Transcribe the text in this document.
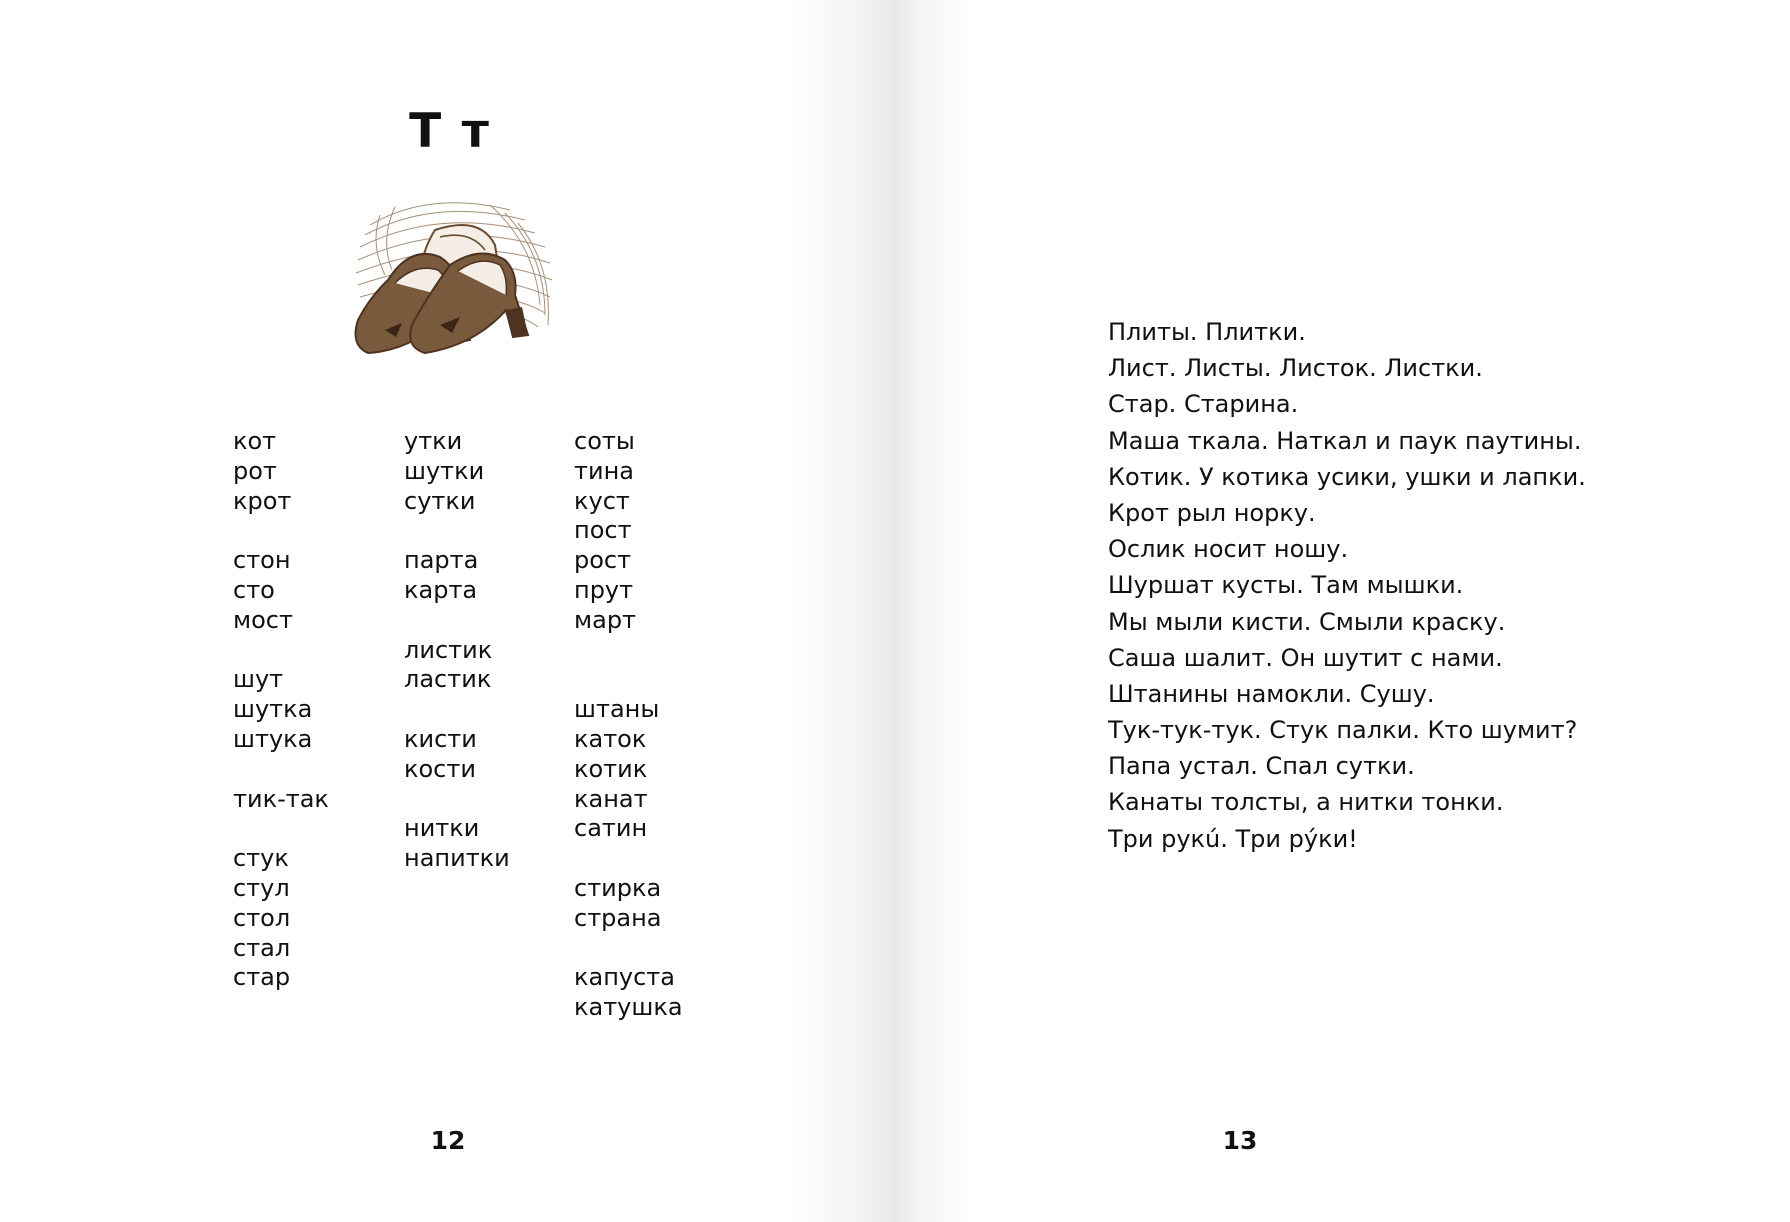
Т т
кот
рот
крот
стон
сто
мост
шут
шутка
штука
тик-так
стук
стул
стол
стал
стар
утки
шутки
сутки
парта
карта
листик
ластик
кисти
кости
нитки
напитки
соты
тина
куст
пост
рост
прут
март
штаны
каток
котик
канат
сатин
стирка
страна
капуста
катушка
12
Плиты. Плитки.
Лист. Листы. Листок. Листки.
Стар. Старина.
Маша ткала. Наткал и паук паутины.
Котик. У котика усики, ушки и лапки.
Крот рыл норку.
Ослик носит ношу.
Шуршат кусты. Там мышки.
Мы мыли кисти. Смыли краску.
Саша шалит. Он шутит с нами.
Штанины намокли. Сушу.
Тук-тук-тук. Стук палки. Кто шумит?
Папа устал. Спал сутки.
Канаты толсты, а нитки тонки.
Три рукú. Три рýки!
13
